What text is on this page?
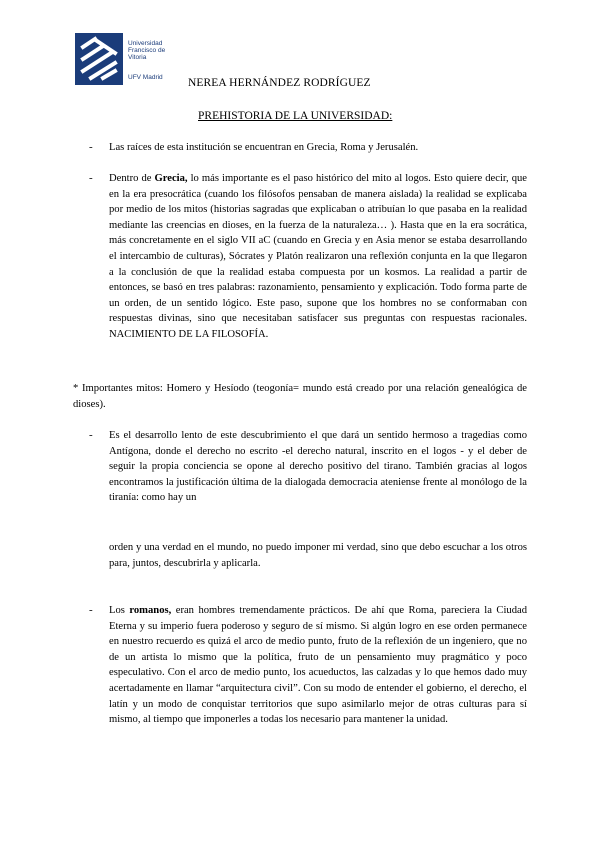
Universidad
Francisco de
Vitoria
UFV Madrid NEREA HERNÁNDEZ RODRÍGUEZ
PREHISTORIA DE LA UNIVERSIDAD:
- Las raíces de esta institución se encuentran en Grecia, Roma y Jerusalén.
- Dentro de Grecia, lo más importante es el paso histórico del mito al logos. Esto quiere decir, que en la era presocrática (cuando los filósofos pensaban de manera aislada) la realidad se explicaba por medio de los mitos (historias sagradas que explicaban o atribuían lo que pasaba en la realidad mediante las creencias en dioses, en la fuerza de la naturaleza… ). Hasta que en la era socrática, más concretamente en el siglo VII aC (cuando en Grecia y en Asia menor se estaba desarrollando el intercambio de culturas), Sócrates y Platón realizaron una reflexión conjunta en la que llegaron a la conclusión de que la realidad estaba compuesta por un kosmos. La realidad a partir de entonces, se basó en tres palabras: razonamiento, pensamiento y explicación. Todo forma parte de un orden, de un sentido lógico. Este paso, supone que los hombres no se conformaban con respuestas divinas, sino que necesitaban satisfacer sus preguntas con respuestas racionales. NACIMIENTO DE LA FILOSOFÍA.
* Importantes mitos: Homero y Hesíodo (teogonía= mundo está creado por una relación genealógica de dioses).
- Es el desarrollo lento de este descubrimiento el que dará un sentido hermoso a tragedias como Antígona, donde el derecho no escrito -el derecho natural, inscrito en el logos - y el deber de seguir la propia conciencia se opone al derecho positivo del tirano. También gracias al logos encontramos la justificación última de la dialogada democracia ateniense frente al monólogo de la tiranía: como hay un
orden y una verdad en el mundo, no puedo imponer mi verdad, sino que debo escuchar a los otros para, juntos, descubrirla y aplicarla.
- Los romanos, eran hombres tremendamente prácticos. De ahí que Roma, pareciera la Ciudad Eterna y su imperio fuera poderoso y seguro de sí mismo. Si algún logro en ese orden permanece en nuestro recuerdo es quizá el arco de medio punto, fruto de la reflexión de un ingeniero, que no de un artista lo mismo que la política, fruto de un pensamiento muy pragmático y poco especulativo. Con el arco de medio punto, los acueductos, las calzadas y lo que hemos dado muy acertadamente en llamar “arquitectura civil”. Con su modo de entender el gobierno, el derecho, el latín y un modo de conquistar territorios que supo asimilarlo mejor de otras culturas para sí mismo, al tiempo que imponerles a todas los necesario para mantener la unidad.
